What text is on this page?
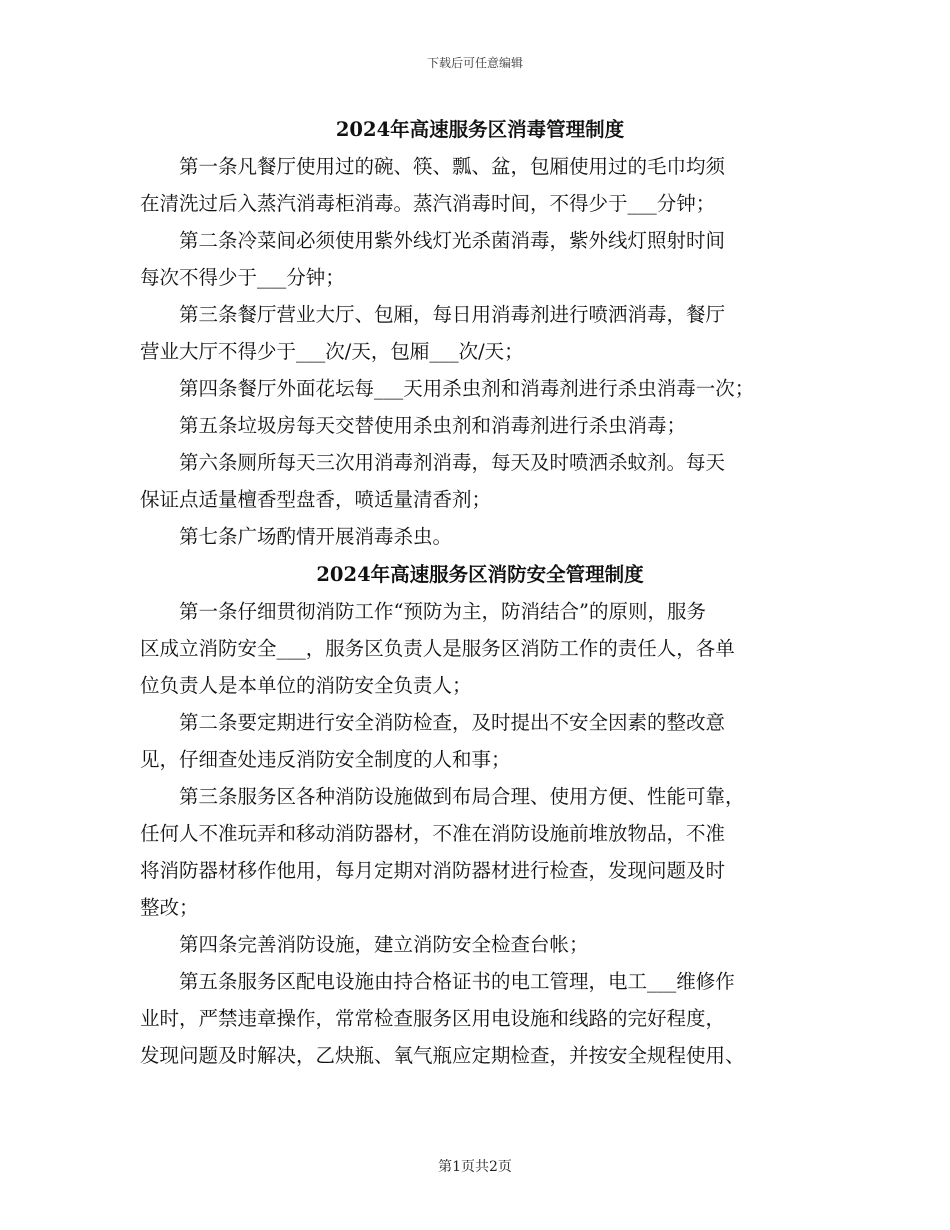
下载后可任意编辑
2024年高速服务区消毒管理制度

第一条凡餐厅使用过的碗、筷、瓢、盆，包厢使用过的毛巾均须
在清洗过后入蒸汽消毒柜消毒。蒸汽消毒时间，不得少于___分钟；

第二条冷菜间必须使用紫外线灯光杀菌消毒，紫外线灯照射时间
每次不得少于___分钟；

第三条餐厅营业大厅、包厢，每日用消毒剂进行喷洒消毒，餐厅
营业大厅不得少于___次/天，包厢___次/天；

第四条餐厅外面花坛每___天用杀虫剂和消毒剂进行杀虫消毒一次；

第五条垃圾房每天交替使用杀虫剂和消毒剂进行杀虫消毒；

第六条厕所每天三次用消毒剂消毒，每天及时喷洒杀蚊剂。每天
保证点适量檀香型盘香，喷适量清香剂；

第七条广场酌情开展消毒杀虫。

2024年高速服务区消防安全管理制度

第一条仔细贯彻消防工作“预防为主，防消结合”的原则，服务
区成立消防安全___，服务区负责人是服务区消防工作的责任人，各单
位负责人是本单位的消防安全负责人；

第二条要定期进行安全消防检查，及时提出不安全因素的整改意
见，仔细查处违反消防安全制度的人和事；

第三条服务区各种消防设施做到布局合理、使用方便、性能可靠，
任何人不准玩弄和移动消防器材，不准在消防设施前堆放物品，不准
将消防器材移作他用，每月定期对消防器材进行检查，发现问题及时
整改；

第四条完善消防设施，建立消防安全检查台帐；

第五条服务区配电设施由持合格证书的电工管理，电工___维修作
业时，严禁违章操作，常常检查服务区用电设施和线路的完好程度，
发现问题及时解决，乙炔瓶、氧气瓶应定期检查，并按安全规程使用、

第1页共2页
